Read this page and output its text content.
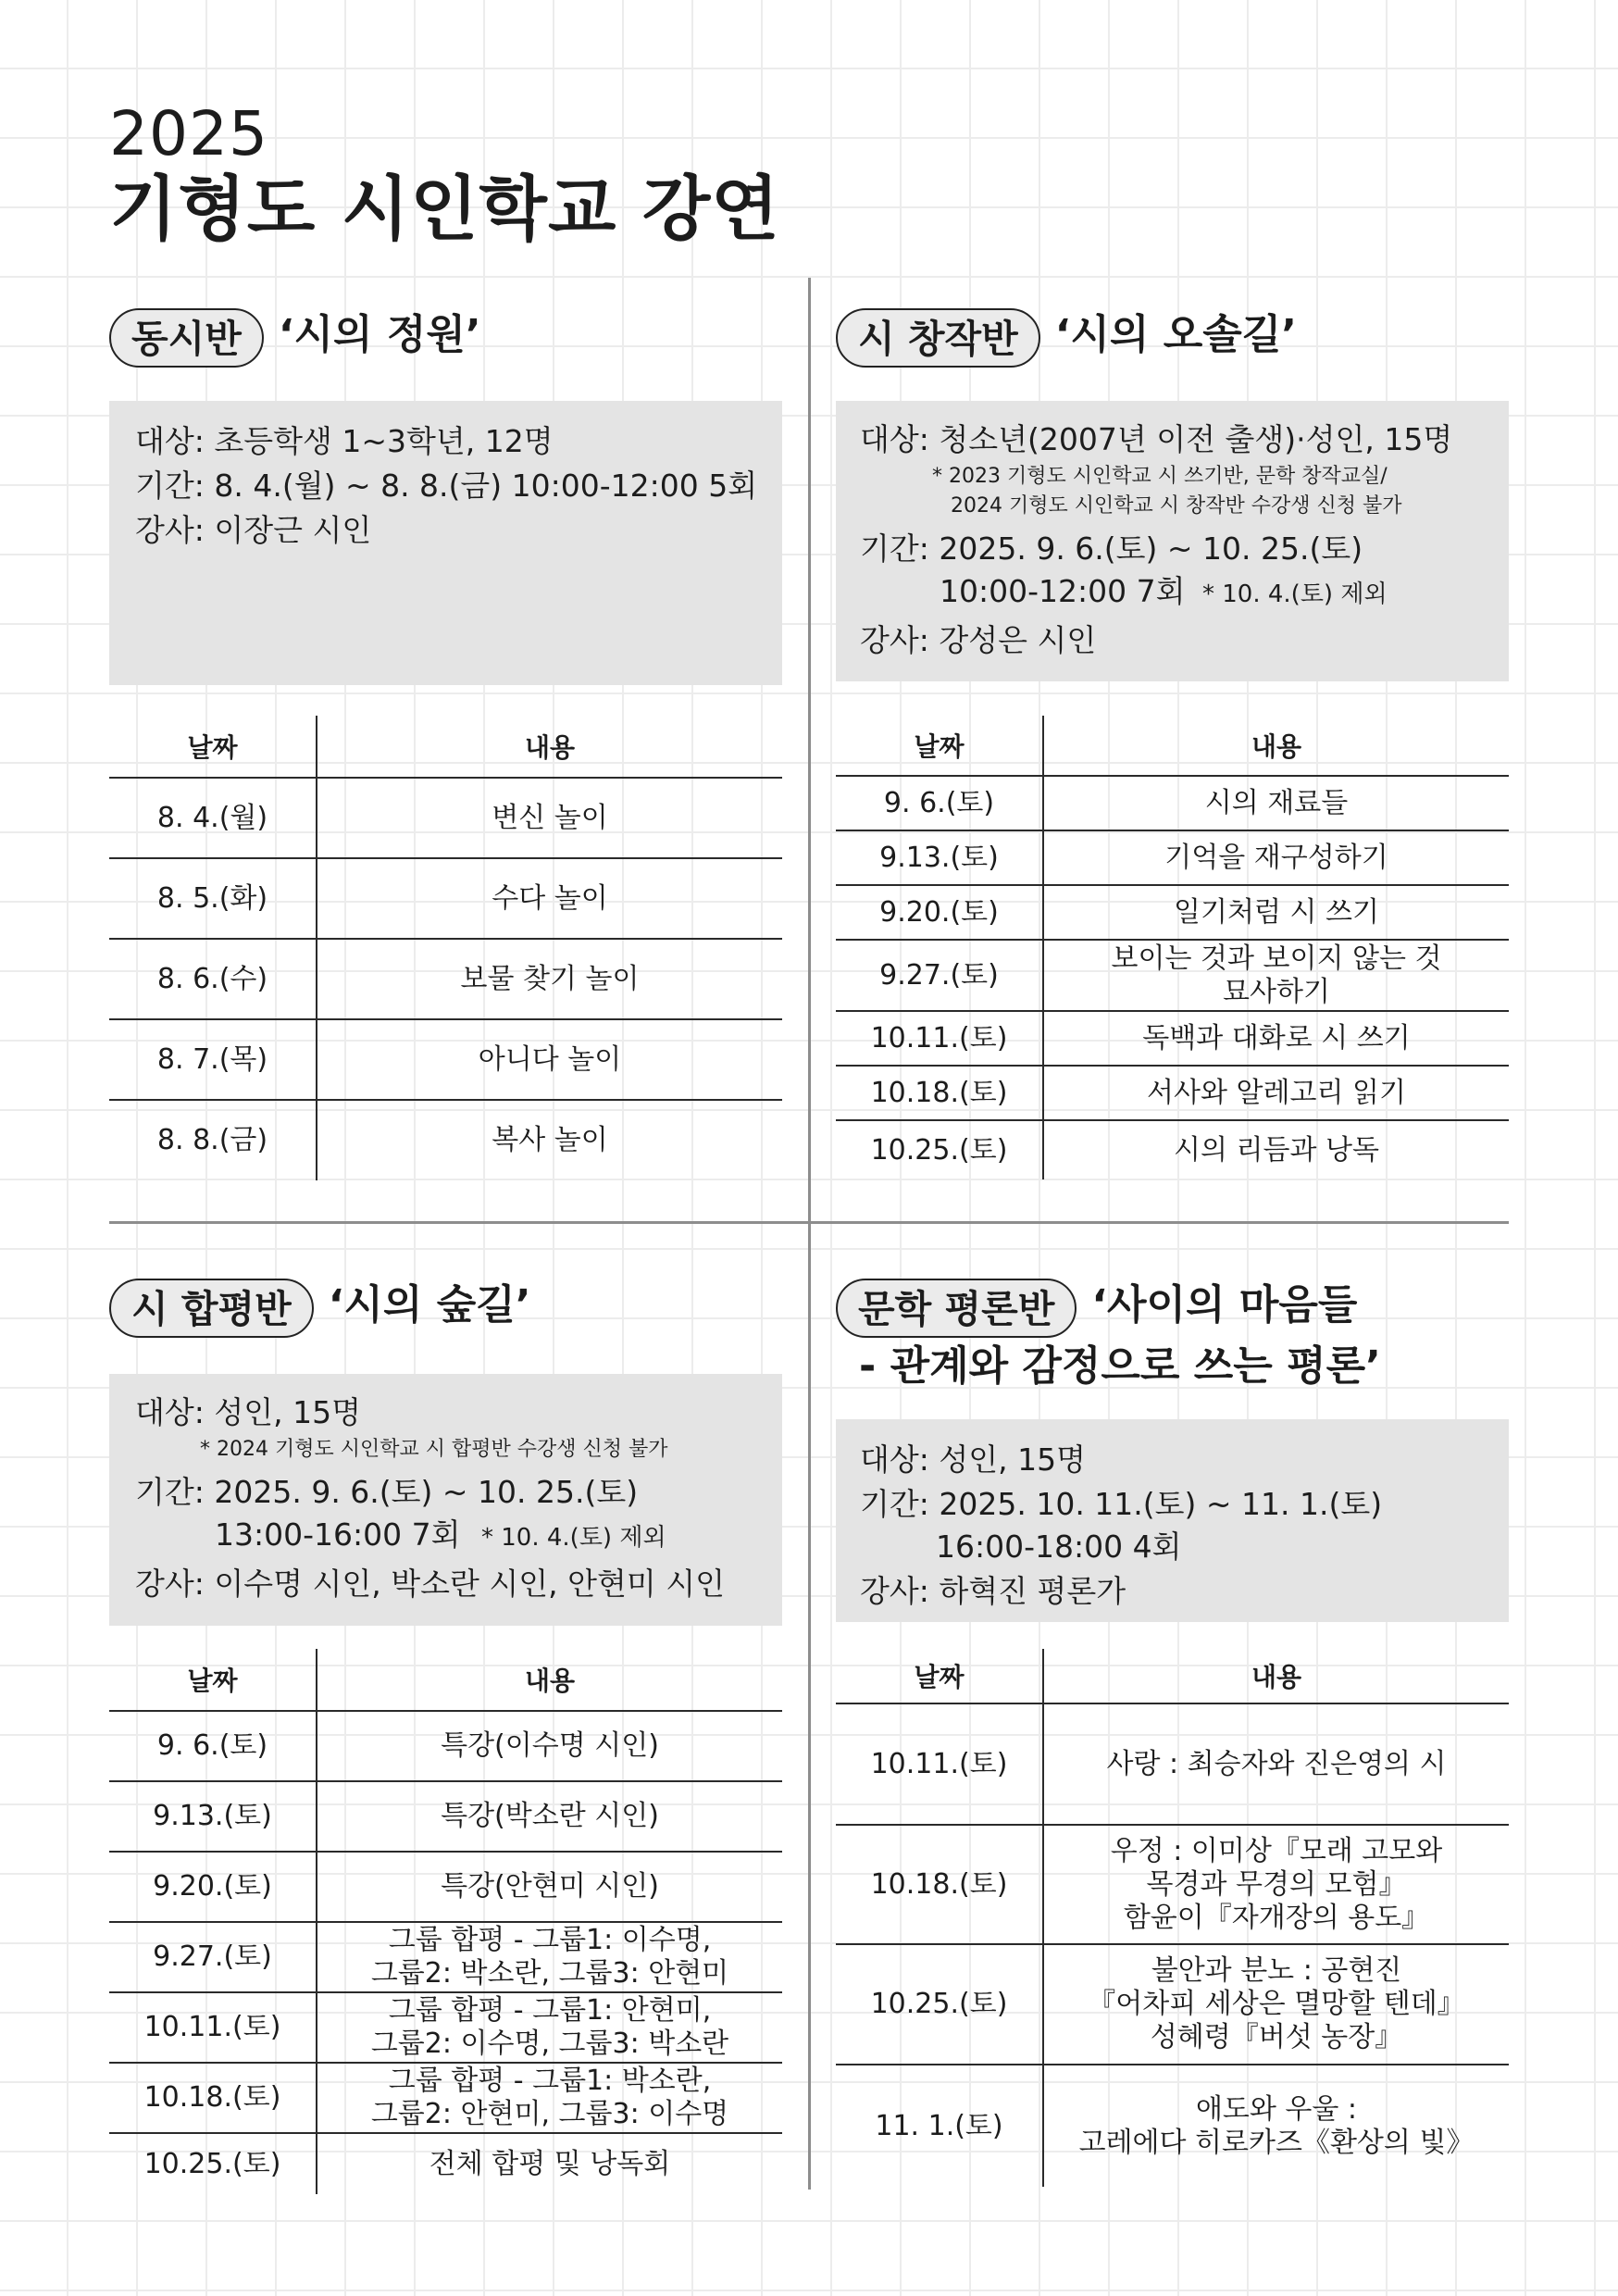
2025
기형도 시인학교 강연
동시반 ‘시의 정원’
대상: 초등학생 1~3학년, 12명
기간: 8. 4.(월) ~ 8. 8.(금) 10:00-12:00 5회
강사: 이장근 시인
날짜	내용
8. 4.(월)	변신 놀이
8. 5.(화)	수다 놀이
8. 6.(수)	보물 찾기 놀이
8. 7.(목)	아니다 놀이
8. 8.(금)	복사 놀이
시 창작반 ‘시의 오솔길’
대상: 청소년(2007년 이전 출생)·성인, 15명
* 2023 기형도 시인학교 시 쓰기반, 문학 창작교실/
2024 기형도 시인학교 시 창작반 수강생 신청 불가
기간: 2025. 9. 6.(토) ~ 10. 25.(토)
10:00-12:00 7회 * 10. 4.(토) 제외
강사: 강성은 시인
날짜	내용
9. 6.(토)	시의 재료들
9.13.(토)	기억을 재구성하기
9.20.(토)	일기처럼 시 쓰기
9.27.(토)	보이는 것과 보이지 않는 것
묘사하기

10.11.(토)	독백과 대화로 시 쓰기
10.18.(토)	서사와 알레고리 읽기
10.25.(토)	시의 리듬과 낭독
시 합평반 ‘시의 숲길’
대상: 성인, 15명
* 2024 기형도 시인학교 시 합평반 수강생 신청 불가
기간: 2025. 9. 6.(토) ~ 10. 25.(토)
13:00-16:00 7회 * 10. 4.(토) 제외
강사: 이수명 시인, 박소란 시인, 안현미 시인
날짜	내용
9. 6.(토)	특강(이수명 시인)
9.13.(토)	특강(박소란 시인)
9.20.(토)	특강(안현미 시인)
9.27.(토)	그룹 합평 - 그룹1: 이수명,
그룹2: 박소란, 그룹3: 안현미

10.11.(토)	그룹 합평 - 그룹1: 안현미,
그룹2: 이수명, 그룹3: 박소란

10.18.(토)	그룹 합평 - 그룹1: 박소란,
그룹2: 안현미, 그룹3: 이수명

10.25.(토)	전체 합평 및 낭독회
문학 평론반 ‘사이의 마음들
- 관계와 감정으로 쓰는 평론’
대상: 성인, 15명
기간: 2025. 10. 11.(토) ~ 11. 1.(토)
16:00-18:00 4회
강사: 하혁진 평론가
날짜	내용
10.11.(토)	사랑 : 최승자와 진은영의 시
10.18.(토)	우정 : 이미상『모래 고모와
목경과 무경의 모험』
함윤이『자개장의 용도』

10.25.(토)	불안과 분노 : 공현진
『어차피 세상은 멸망할 텐데』
성혜령『버섯 농장』

11. 1.(토)	애도와 우울 :
고레에다 히로카즈《환상의 빛》
